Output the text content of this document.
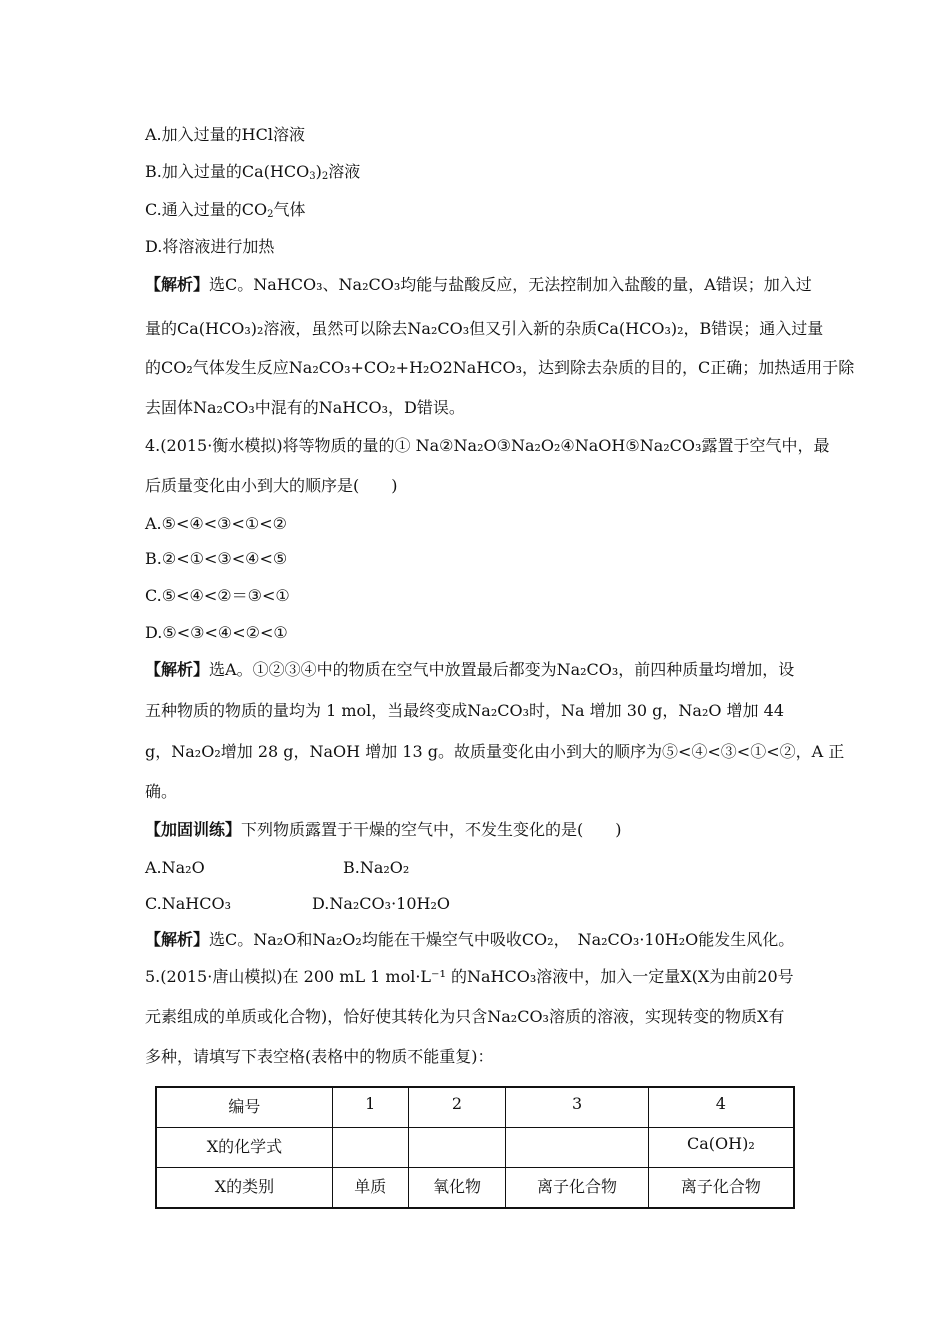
A.加入过量的HCl溶液
B.加入过量的$Ca(HCO_3)_2$溶液
C.通入过量的$CO_2$气体
D.将溶液进行加热
【解析】选C。NaHCO₃、Na₂CO₃均能与盐酸反应，无法控制加入盐酸的量，A错误；加入过
量的Ca(HCO₃)₂溶液，虽然可以除去Na₂CO₃但又引入新的杂质Ca(HCO₃)₂，B错误；通入过量
的CO₂气体发生反应Na₂CO₃+CO₂+H₂O2NaHCO₃，达到除去杂质的目的，C正确；加热适用于除
去固体Na₂CO₃中混有的NaHCO₃，D错误。
4.(2015·衡水模拟)将等物质的量的① Na②Na₂O③Na₂O₂④NaOH⑤Na₂CO₃露置于空气中，最
后质量变化由小到大的顺序是(　　)
A.⑤<④<③<①<②
B.②<①<③<④<⑤
C.⑤<④<②＝③<①
D.⑤<③<④<②<①
【解析】选A。①②③④中的物质在空气中放置最后都变为Na₂CO₃，前四种质量均增加，设
五种物质的物质的量均为 1 mol，当最终变成Na₂CO₃时，Na 增加 30 g，Na₂O 增加 44
g，Na₂O₂增加 28 g，NaOH 增加 13 g。故质量变化由小到大的顺序为⑤<④<③<①<②，A 正
确。
【加固训练】下列物质露置于干燥的空气中，不发生变化的是(　　)
A.Na₂O	B.Na₂O₂
C.NaHCO₃	D.Na₂CO₃·10H₂O
【解析】选C。Na₂O和Na₂O₂均能在干燥空气中吸收CO₂，　Na₂CO₃·10H₂O能发生风化。
5.(2015·唐山模拟)在 200 mL 1 mol·L⁻¹ 的NaHCO₃溶液中，加入一定量X(X为由前20号
元素组成的单质或化合物)，恰好使其转化为只含Na₂CO₃溶质的溶液，实现转变的物质X有
多种，请填写下表空格(表格中的物质不能重复)：
编号	1	2	3	4
X的化学式				Ca(OH)₂
X的类别	单质	氧化物	离子化合物	离子化合物
